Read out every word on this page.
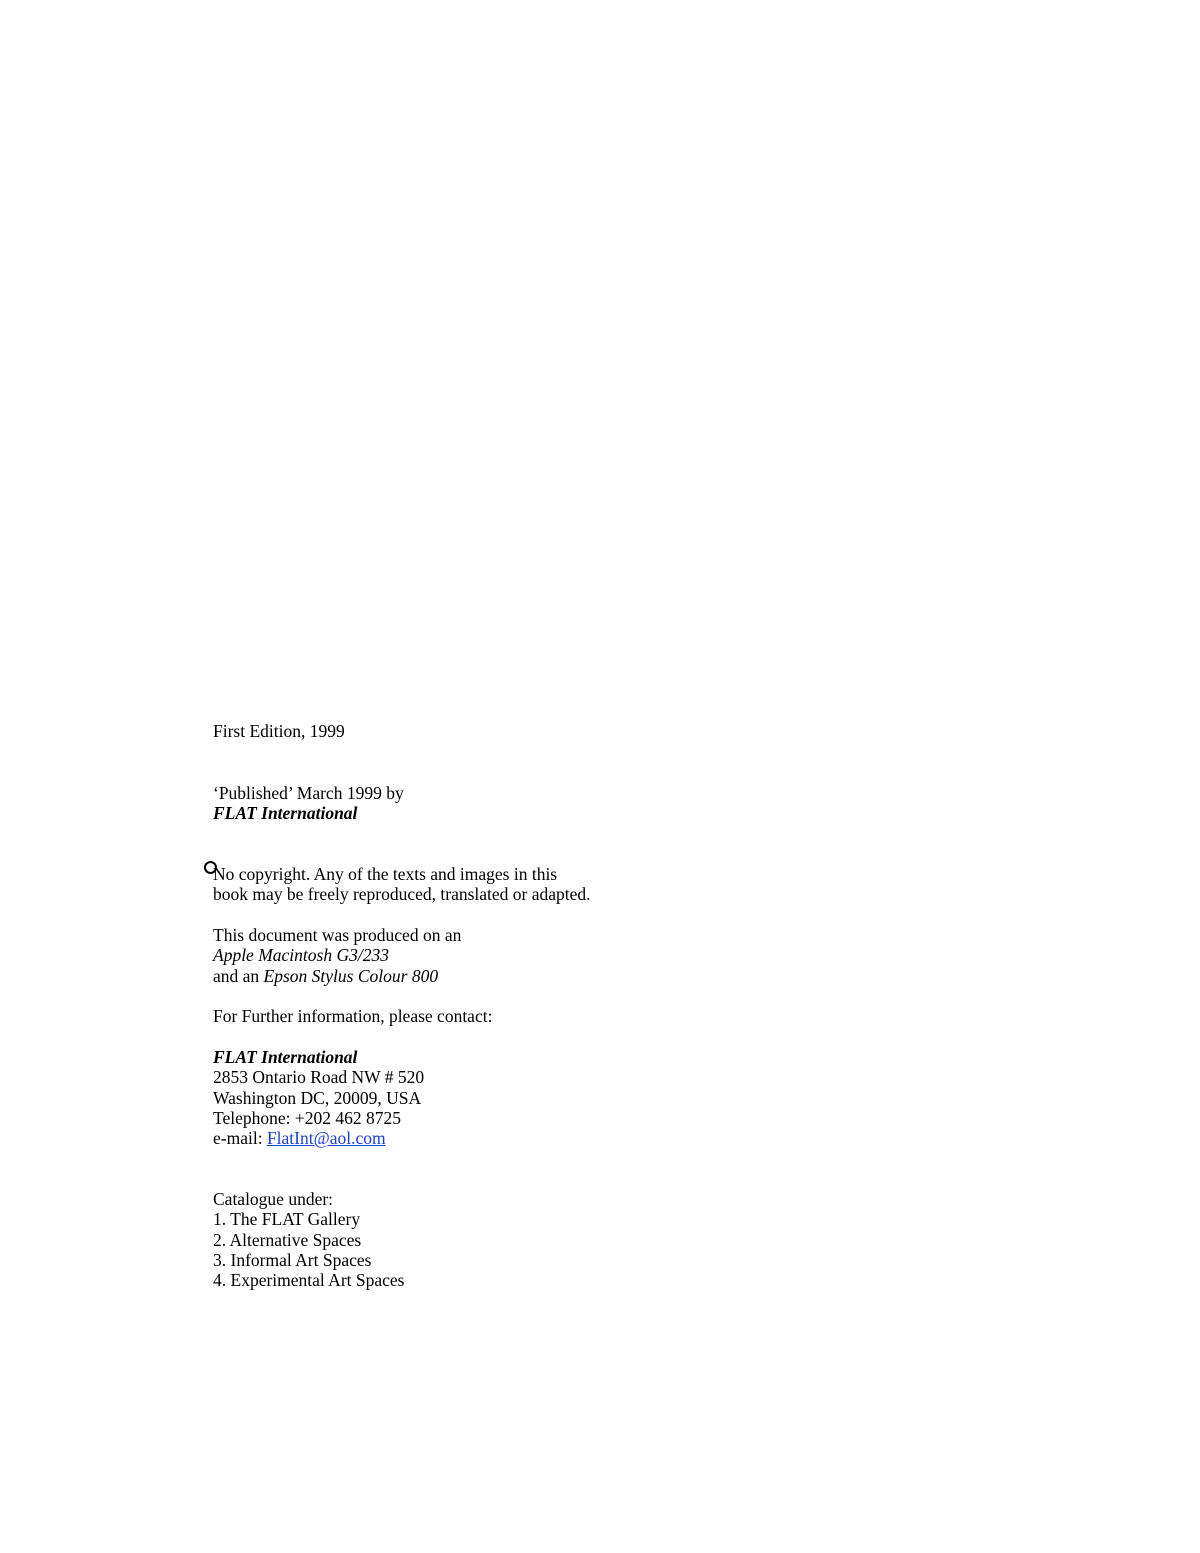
First Edition, 1999
‘Published’ March 1999 by
FLAT International
No copyright. Any of the texts and images in this
book may be freely reproduced, translated or adapted.
This document was produced on an
Apple Macintosh G3/233
and an Epson Stylus Colour 800
For Further information, please contact:
FLAT International
2853 Ontario Road NW # 520
Washington DC, 20009, USA
Telephone: +202 462 8725
e-mail: FlatInt@aol.com
Catalogue under:
1. The FLAT Gallery
2. Alternative Spaces
3. Informal Art Spaces
4. Experimental Art Spaces
